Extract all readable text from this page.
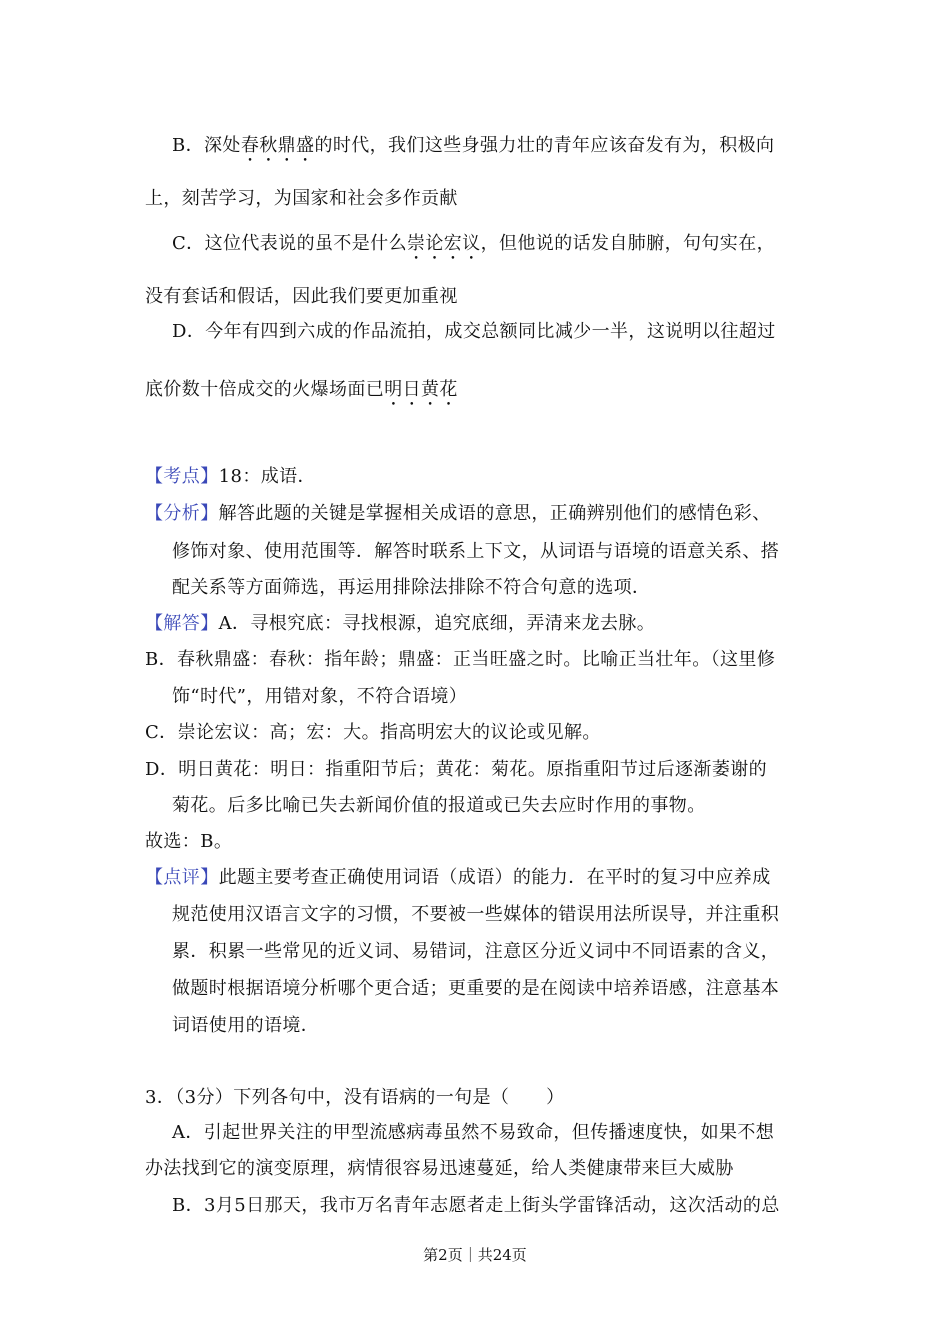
B．深处春秋鼎盛的时代，我们这些身强力壮的青年应该奋发有为，积极向
上，刻苦学习，为国家和社会多作贡献
C．这位代表说的虽不是什么崇论宏议，但他说的话发自肺腑，句句实在，
没有套话和假话，因此我们要更加重视
D．今年有四到六成的作品流拍，成交总额同比减少一半，这说明以往超过
底价数十倍成交的火爆场面已明日黄花
【考点】18：成语．
【分析】解答此题的关键是掌握相关成语的意思，正确辨别他们的感情色彩、
修饰对象、使用范围等．解答时联系上下文，从词语与语境的语意关系、搭
配关系等方面筛选，再运用排除法排除不符合句意的选项．
【解答】A．寻根究底：寻找根源，追究底细，弄清来龙去脉。
B．春秋鼎盛：春秋：指年龄；鼎盛：正当旺盛之时。比喻正当壮年。（这里修
饰“时代”，用错对象，不符合语境）
C．崇论宏议：高；宏：大。指高明宏大的议论或见解。
D．明日黄花：明日：指重阳节后；黄花：菊花。原指重阳节过后逐渐萎谢的
菊花。后多比喻已失去新闻价值的报道或已失去应时作用的事物。
故选：B。
【点评】此题主要考查正确使用词语（成语）的能力．在平时的复习中应养成
规范使用汉语言文字的习惯，不要被一些媒体的错误用法所误导，并注重积
累．积累一些常见的近义词、易错词，注意区分近义词中不同语素的含义，
做题时根据语境分析哪个更合适；更重要的是在阅读中培养语感，注意基本
词语使用的语境．
3．（3分）下列各句中，没有语病的一句是（　　）
A．引起世界关注的甲型流感病毒虽然不易致命，但传播速度快，如果不想
办法找到它的演变原理，病情很容易迅速蔓延，给人类健康带来巨大威胁
B．3月5日那天，我市万名青年志愿者走上街头学雷锋活动，这次活动的总
第2页｜共24页
